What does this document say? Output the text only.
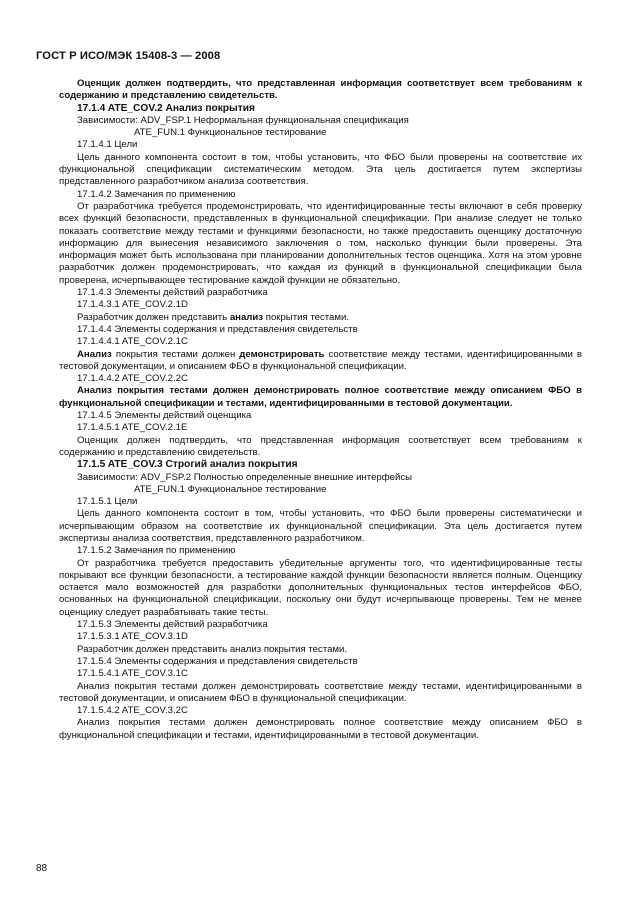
ГОСТ Р ИСО/МЭК 15408-3 — 2008

Оценщик должен подтвердить, что представленная информация соответствует всем требованиям к содержанию и представлению свидетельств.

17.1.4 ATE_COV.2 Анализ покрытия

Зависимости: ADV_FSP.1 Неформальная функциональная спецификация

ATE_FUN.1 Функциональное тестирование

17.1.4.1 Цели

Цель данного компонента состоит в том, чтобы установить, что ФБО были проверены на соответствие их функциональной спецификации систематическим методом. Эта цель достигается путем экспертизы представленного разработчиком анализа соответствия.

17.1.4.2 Замечания по применению

От разработчика требуется продемонстрировать, что идентифицированные тесты включают в себя проверку всех функций безопасности, представленных в функциональной спецификации. При анализе следует не только показать соответствие между тестами и функциями безопасности, но также предоставить оценщику достаточную информацию для вынесения независимого заключения о том, насколько функции были проверены. Эта информация может быть использована при планировании дополнительных тестов оценщика. Хотя на этом уровне разработчик должен продемонстрировать, что каждая из функций в функциональной спецификации была проверена, исчерпывающее тестирование каждой функции не обязательно.

17.1.4.3 Элементы действий разработчика

17.1.4.3.1 ATE_COV.2.1D

Разработчик должен представить анализ покрытия тестами.

17.1.4.4 Элементы содержания и представления свидетельств

17.1.4.4.1 ATE_COV.2.1C

Анализ покрытия тестами должен демонстрировать соответствие между тестами, идентифицированными в тестовой документации, и описанием ФБО в функциональной спецификации.

17.1.4.4.2 ATE_COV.2.2C

Анализ покрытия тестами должен демонстрировать полное соответствие между описанием ФБО в функциональной спецификации и тестами, идентифицированными в тестовой документации.

17.1.4.5 Элементы действий оценщика

17.1.4.5.1 ATE_COV.2.1E

Оценщик должен подтвердить, что представленная информация соответствует всем требованиям к содержанию и представлению свидетельств.

17.1.5 ATE_COV.3 Строгий анализ покрытия

Зависимости: ADV_FSP.2 Полностью определенные внешние интерфейсы

ATE_FUN.1 Функциональное тестирование

17.1.5.1 Цели

Цель данного компонента состоит в том, чтобы установить, что ФБО были проверены систематически и исчерпывающим образом на соответствие их функциональной спецификации. Эта цель достигается путем экспертизы анализа соответствия, представленного разработчиком.

17.1.5.2 Замечания по применению

От разработчика требуется предоставить убедительные аргументы того, что идентифицированные тесты покрывают все функции безопасности, а тестирование каждой функции безопасности является полным. Оценщику остается мало возможностей для разработки дополнительных функциональных тестов интерфейсов ФБО, основанных на функциональной спецификации, поскольку они будут исчерпывающе проверены. Тем не менее оценщику следует разрабатывать такие тесты.

17.1.5.3 Элементы действий разработчика

17.1.5.3.1 ATE_COV.3.1D

Разработчик должен представить анализ покрытия тестами.

17.1.5.4 Элементы содержания и представления свидетельств

17.1.5.4.1 ATE_COV.3.1C

Анализ покрытия тестами должен демонстрировать соответствие между тестами, идентифицированными в тестовой документации, и описанием ФБО в функциональной спецификации.

17.1.5.4.2 ATE_COV.3.2C

Анализ покрытия тестами должен демонстрировать полное соответствие между описанием ФБО в функциональной спецификации и тестами, идентифицированными в тестовой документации.

88
